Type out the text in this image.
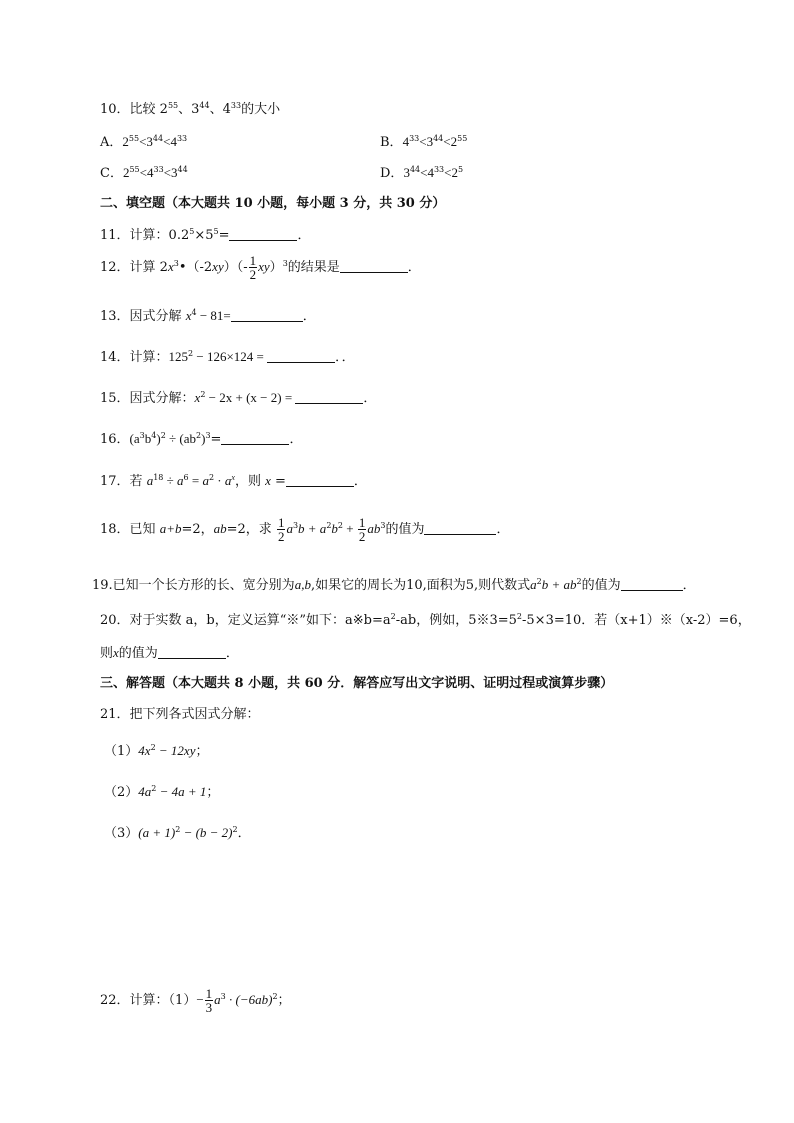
10．比较 $2^{55}$、$3^{44}$、$4^{33}$的大小
A．$2^{55}<3^{44}<4^{33}$	B．$4^{33}<3^{44}<2^{55}$
C．$2^{55}<4^{33}<3^{44}$	D．$3^{44}<4^{33}<2^5$
二、填空题（本大题共 10 小题，每小题 3 分，共 30 分）
11．计算：$0.2^5\times 5^5=$	．
12．计算 $2x^3•(-2xy)(- \frac{1}{2} xy)^3$的结果是	．
13．因式分解 $x^4 - 81=$	．
14．计算：$125^2 - 126\times 124$ =	．．
15．因式分解：$x^2 - 2x + (x - 2)$ =	．
16．$(a^3b^4)^2 \div (ab^2)^3=$	．
17．若 $a^{18} \div a^6 = a^2 \cdot a^x$，则 x =	．
18．已知 a+b=2，ab=2，求 $\frac{1}{2} a^3b + a^2b^2 + \frac{1}{2} ab^3$的值为	．
19.已知一个长方形的长、宽分别为a,b,如果它的周长为10,面积为5,则代数式$a^2b + ab^2$的值为	．
20．对于实数 a，b，定义运算“※”如下：$a※b=a^2-ab$，例如，$5※3=5^2-5\times 3=10$．若（x+1）※（x-2）=6，
则x的值为	．
三、解答题（本大题共 8 小题，共 60 分．解答应写出文字说明、证明过程或演算步骤）
21．把下列各式因式分解：
$(1)4x^2 - 12xy$；
$(2)4a^2 - 4a + 1$；
$(3)(a + 1)^2 - (b - 2)^2$．
22．计算：$(1)- \frac{1}{3} a^3 \cdot (-6ab)^2$；
